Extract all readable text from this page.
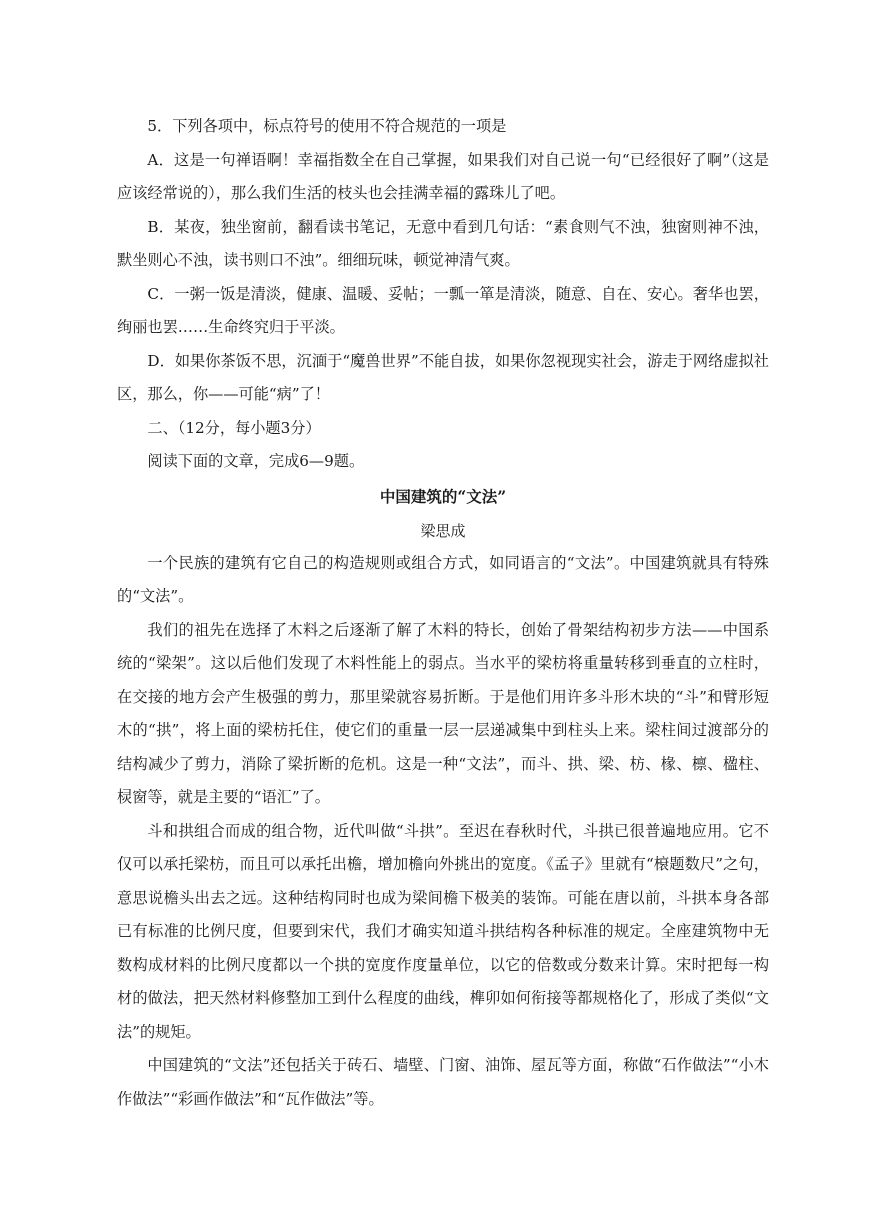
5．下列各项中，标点符号的使用不符合规范的一项是

A．这是一句禅语啊！幸福指数全在自己掌握，如果我们对自己说一句“已经很好了啊”（这是应该经常说的），那么我们生活的枝头也会挂满幸福的露珠儿了吧。

B．某夜，独坐窗前，翻看读书笔记，无意中看到几句话：“素食则气不浊，独窗则神不浊，默坐则心不浊，读书则口不浊”。细细玩味，顿觉神清气爽。

C．一粥一饭是清淡，健康、温暖、妥帖；一瓢一箪是清淡，随意、自在、安心。奢华也罢，绚丽也罢……生命终究归于平淡。

D．如果你茶饭不思，沉湎于“魔兽世界”不能自拔，如果你忽视现实社会，游走于网络虚拟社区，那么，你——可能“病”了！

二、（12分，每小题3分）

阅读下面的文章，完成6—9题。

中国建筑的“文法”

梁思成

一个民族的建筑有它自己的构造规则或组合方式，如同语言的“文法”。中国建筑就具有特殊的“文法”。

我们的祖先在选择了木料之后逐渐了解了木料的特长，创始了骨架结构初步方法——中国系统的“梁架”。这以后他们发现了木料性能上的弱点。当水平的梁枋将重量转移到垂直的立柱时，在交接的地方会产生极强的剪力，那里梁就容易折断。于是他们用许多斗形木块的“斗”和臂形短木的“拱”，将上面的梁枋托住，使它们的重量一层一层递减集中到柱头上来。梁柱间过渡部分的结构减少了剪力，消除了梁折断的危机。这是一种“文法”，而斗、拱、梁、枋、椽、檩、楹柱、棂窗等，就是主要的“语汇”了。

斗和拱组合而成的组合物，近代叫做“斗拱”。至迟在春秋时代，斗拱已很普遍地应用。它不仅可以承托梁枋，而且可以承托出檐，增加檐向外挑出的宽度。《孟子》里就有“榱题数尺”之句，意思说檐头出去之远。这种结构同时也成为梁间檐下极美的装饰。可能在唐以前，斗拱本身各部已有标准的比例尺度，但要到宋代，我们才确实知道斗拱结构各种标准的规定。全座建筑物中无数构成材料的比例尺度都以一个拱的宽度作度量单位，以它的倍数或分数来计算。宋时把每一构材的做法，把天然材料修整加工到什么程度的曲线，榫卯如何衔接等都规格化了，形成了类似“文法”的规矩。

中国建筑的“文法”还包括关于砖石、墙壁、门窗、油饰、屋瓦等方面，称做“石作做法”“小木作做法”“彩画作做法”和“瓦作做法”等。
